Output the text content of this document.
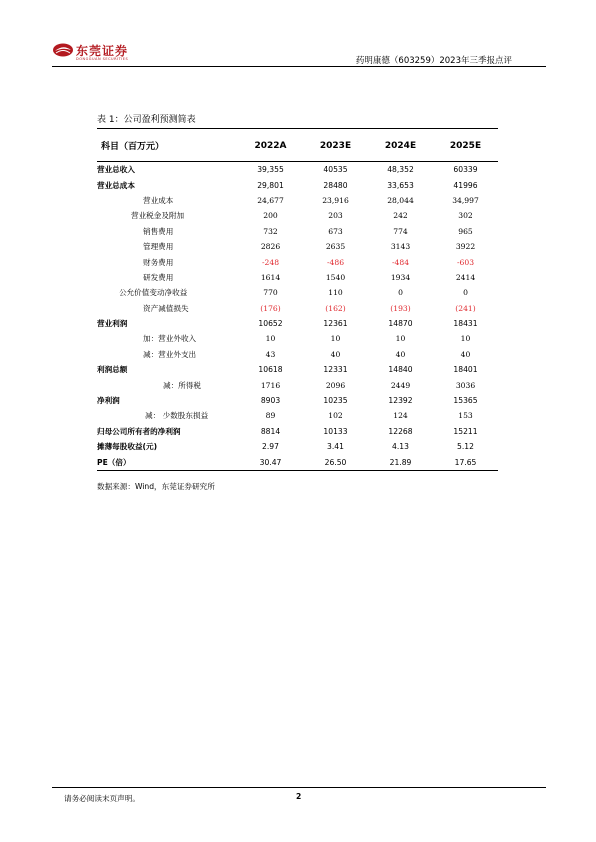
东莞证券
DONGGUAN SECURITIES	药明康德（603259）2023年三季报点评
表 1：公司盈利预测简表
科目（百万元）	2022A	2023E	2024E	2025E
营业总收入	39,355	40535	48,352	60339
营业总成本	29,801	28480	33,653	41996
营业成本	24,677	23,916	28,044	34,997
营业税金及附加	200	203	242	302
销售费用	732	673	774	965
管理费用	2826	2635	3143	3922
财务费用	-248	-486	-484	-603
研发费用	1614	1540	1934	2414
公允价值变动净收益	770	110	0	0
资产减值损失	(176)	(162)	(193)	(241)
营业利润	10652	12361	14870	18431
加：营业外收入	10	10	10	10
减：营业外支出	43	40	40	40
利润总额	10618	12331	14840	18401
减：所得税	1716	2096	2449	3036
净利润	8903	10235	12392	15365
减： 少数股东损益	89	102	124	153
归母公司所有者的净利润	8814	10133	12268	15211
摊薄每股收益(元)	2.97	3.41	4.13	5.12
PE（倍）	30.47	26.50	21.89	17.65
数据来源：Wind，东莞证券研究所
请务必阅读末页声明。	2
